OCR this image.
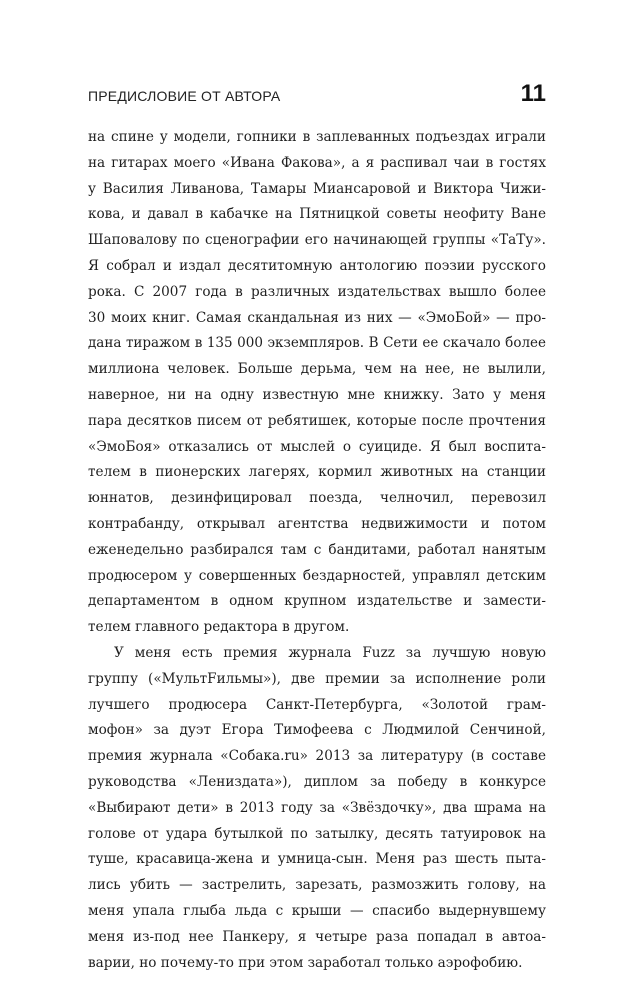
ПРЕДИСЛОВИЕ ОТ АВТОРА	11
на спине у модели, гопники в заплеванных подъездах играли
на гитарах моего «Ивана Факова», а я распивал чаи в гостях
у Василия Ливанова, Тамары Миансаровой и Виктора Чижи-
кова, и давал в кабачке на Пятницкой советы неофиту Ване
Шаповалову по сценографии его начинающей группы «ТаТу».
Я собрал и издал десятитомную антологию поэзии русского
рока. С 2007 года в различных издательствах вышло более
30 моих книг. Самая скандальная из них — «ЭмоБой» — про-
дана тиражом в 135 000 экземпляров. В Сети ее скачало более
миллиона человек. Больше дерьма, чем на нее, не вылили,
наверное, ни на одну известную мне книжку. Зато у меня
пара десятков писем от ребятишек, которые после прочтения
«ЭмоБоя» отказались от мыслей о суициде. Я был воспита-
телем в пионерских лагерях, кормил животных на станции
юннатов, дезинфицировал поезда, челночил, перевозил
контрабанду, открывал агентства недвижимости и потом
еженедельно разбирался там с бандитами, работал нанятым
продюсером у совершенных бездарностей, управлял детским
департаментом в одном крупном издательстве и замести-
телем главного редактора в другом.
У меня есть премия журнала Fuzz за лучшую новую
группу («МультFильмы»), две премии за исполнение роли
лучшего продюсера Санкт-Петербурга, «Золотой грам-
мофон» за дуэт Егора Тимофеева с Людмилой Сенчиной,
премия журнала «Собака.ru» 2013 за литературу (в составе
руководства «Лениздата»), диплом за победу в конкурсе
«Выбирают дети» в 2013 году за «Звёздочку», два шрама на
голове от удара бутылкой по затылку, десять татуировок на
туше, красавица-жена и умница-сын. Меня раз шесть пыта-
лись убить — застрелить, зарезать, размозжить голову, на
меня упала глыба льда с крыши — спасибо выдернувшему
меня из-под нее Панкеру, я четыре раза попадал в автоа-
варии, но почему-то при этом заработал только аэрофобию.
